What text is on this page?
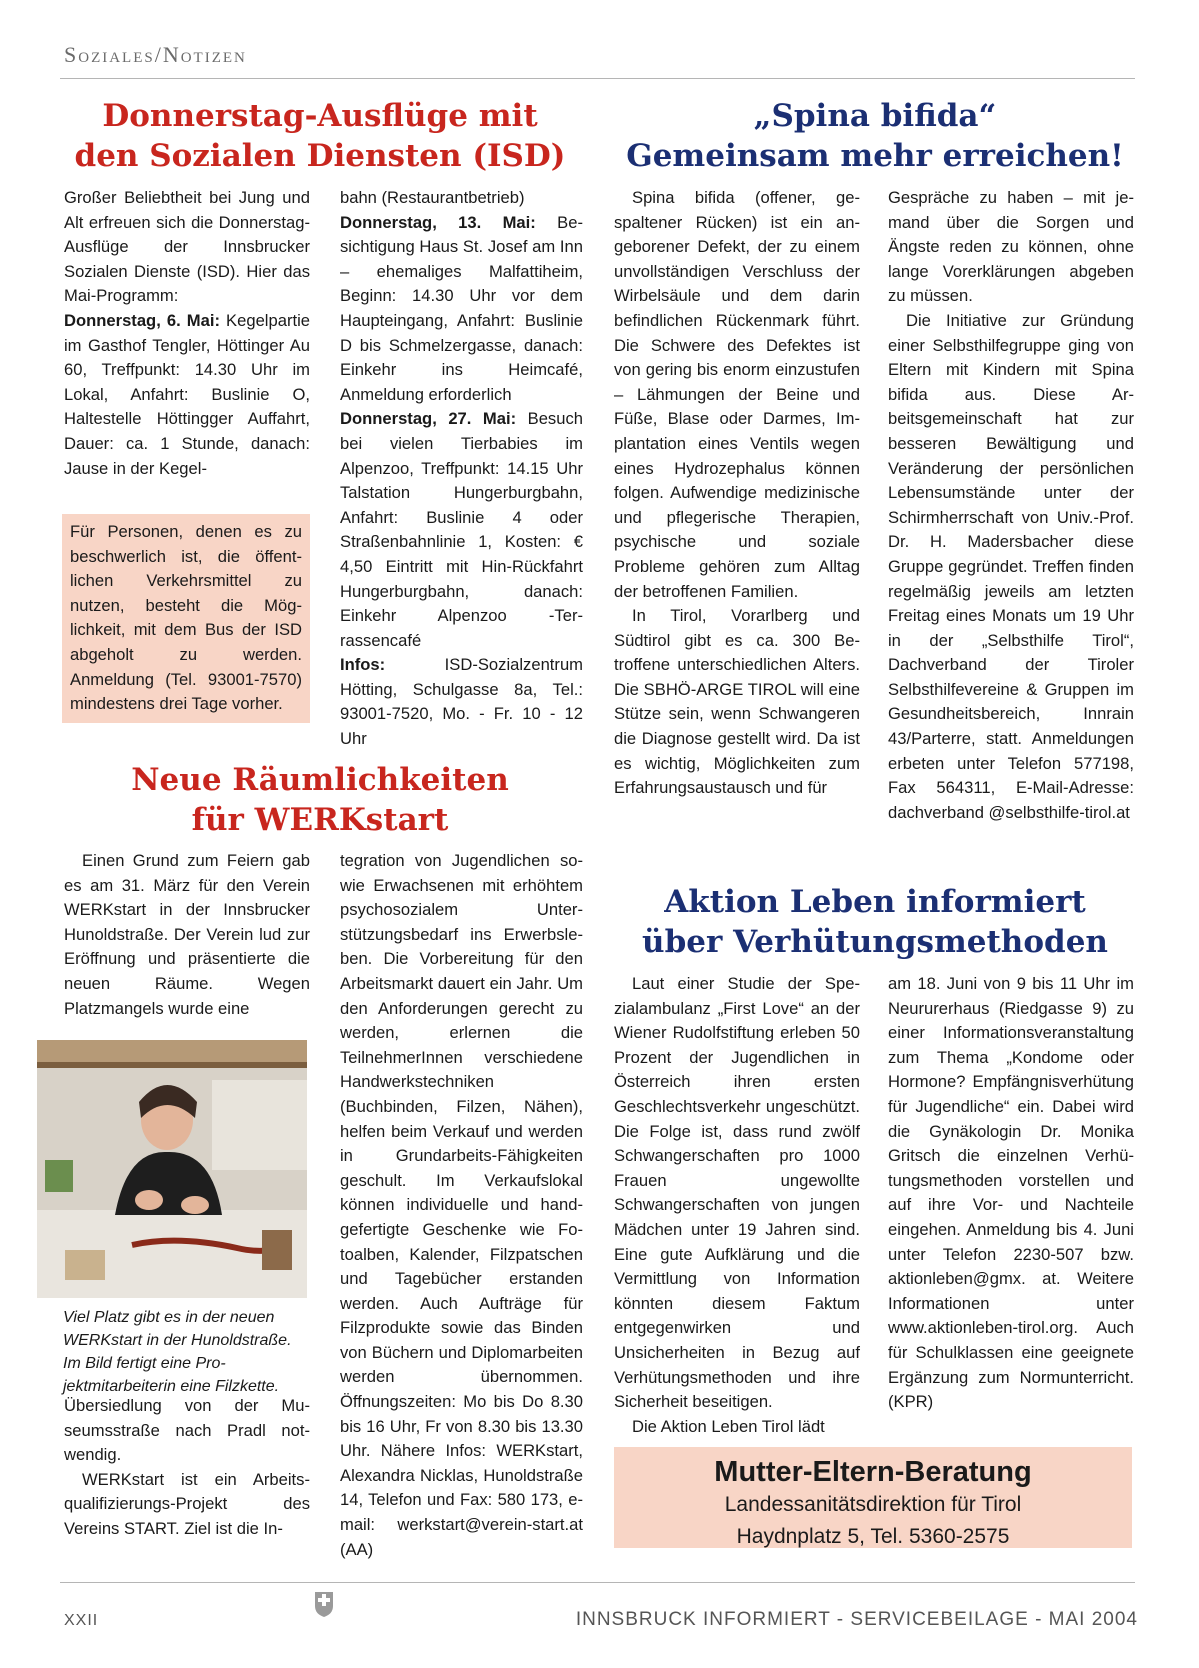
Soziales/Notizen
Donnerstag-Ausflüge mit
den Sozialen Diensten (ISD)

Großer Beliebtheit bei Jung und Alt erfreuen sich die Donnerstag-Ausflüge der Innsbrucker Sozialen Dienste (ISD). Hier das Mai-Programm:

Donnerstag, 6. Mai: Kegelpartie im Gasthof Tengler, Höttinger Au 60, Treffpunkt: 14.30 Uhr im Lokal, Anfahrt: Buslinie O, Haltestelle Höttingger Auffahrt, Dauer: ca. 1 Stunde, danach: Jause in der Kegel-

Für Personen, denen es zu beschwerlich ist, die öffentlichen Verkehrsmittel zu nutzen, besteht die Möglichkeit, mit dem Bus der ISD abgeholt zu werden. Anmeldung (Tel. 93001-7570) mindestens drei Tage vorher.

bahn (Restaurantbetrieb)

Donnerstag, 13. Mai: Besichtigung Haus St. Josef am Inn – ehemaliges Malfattiheim, Beginn: 14.30 Uhr vor dem Haupteingang, Anfahrt: Buslinie D bis Schmelzergasse, danach: Einkehr ins Heimcafé, Anmeldung erforderlich

Donnerstag, 27. Mai: Besuch bei vielen Tierbabies im Alpenzoo, Treffpunkt: 14.15 Uhr Talstation Hungerburgbahn, Anfahrt: Buslinie 4 oder Straßenbahnlinie 1, Kosten: € 4,50 Eintritt mit Hin-Rückfahrt Hungerburgbahn, danach: Einkehr Alpenzoo -Terrassencafé

Infos: ISD-Sozialzentrum Hötting, Schulgasse 8a, Tel.: 93001-7520, Mo. - Fr. 10 - 12 Uhr

Neue Räumlichkeiten
für WERKstart

Einen Grund zum Feiern gab es am 31. März für den Verein WERKstart in der Innsbrucker Hunoldstraße. Der Verein lud zur Eröffnung und präsentierte die neuen Räume. Wegen Platzmangels wurde eine

Viel Platz gibt es in der neuen WERKstart in der Hunoldstraße. Im Bild fertigt eine Projektmitarbeiterin eine Filzkette.

Übersiedlung von der Museumsstraße nach Pradl notwendig.

WERKstart ist ein Arbeitsqualifizierungs-Projekt des Vereins START. Ziel ist die In-

tegration von Jugendlichen sowie Erwachsenen mit erhöhtem psychosozialem Unterstützungsbedarf ins Erwerbsleben. Die Vorbereitung für den Arbeitsmarkt dauert ein Jahr. Um den Anforderungen gerecht zu werden, erlernen die TeilnehmerInnen verschiedene Handwerkstechniken (Buchbinden, Filzen, Nähen), helfen beim Verkauf und werden in Grundarbeits-Fähigkeiten geschult. Im Verkaufslokal können individuelle und handgefertigte Geschenke wie Fotoalben, Kalender, Filzpatschen und Tagebücher erstanden werden. Auch Aufträge für Filzprodukte sowie das Binden von Büchern und Diplomarbeiten werden übernommen. Öffnungszeiten: Mo bis Do 8.30 bis 16 Uhr, Fr von 8.30 bis 13.30 Uhr. Nähere Infos: WERKstart, Alexandra Nicklas, Hunoldstraße 14, Telefon und Fax: 580 173, e-mail: werkstart@verein-start.at (AA)

„Spina bifida“
Gemeinsam mehr erreichen!

Spina bifida (offener, gespaltener Rücken) ist ein angeborener Defekt, der zu einem unvollständigen Verschluss der Wirbelsäule und dem darin befindlichen Rückenmark führt. Die Schwere des Defektes ist von gering bis enorm einzustufen – Lähmungen der Beine und Füße, Blase oder Darmes, Implantation eines Ventils wegen eines Hydrozephalus können folgen. Aufwendige medizinische und pflegerische Therapien, psychische und soziale Probleme gehören zum Alltag der betroffenen Familien.

In Tirol, Vorarlberg und Südtirol gibt es ca. 300 Betroffene unterschiedlichen Alters. Die SBHÖ-ARGE TIROL will eine Stütze sein, wenn Schwangeren die Diagnose gestellt wird. Da ist es wichtig, Möglichkeiten zum Erfahrungsaustausch und für

Gespräche zu haben – mit jemand über die Sorgen und Ängste reden zu können, ohne lange Vorerklärungen abgeben zu müssen.

Die Initiative zur Gründung einer Selbsthilfegruppe ging von Eltern mit Kindern mit Spina bifida aus. Diese Arbeitsgemeinschaft hat zur besseren Bewältigung und Veränderung der persönlichen Lebensumstände unter der Schirmherrschaft von Univ.-Prof. Dr. H. Madersbacher diese Gruppe gegründet. Treffen finden regelmäßig jeweils am letzten Freitag eines Monats um 19 Uhr in der „Selbsthilfe Tirol“, Dachverband der Tiroler Selbsthilfevereine & Gruppen im Gesundheitsbereich, Innrain 43/Parterre, statt. Anmeldungen erbeten unter Telefon 577198, Fax 564311, E-Mail-Adresse: dachverband @selbsthilfe-tirol.at

Aktion Leben informiert
über Verhütungsmethoden

Laut einer Studie der Spezialambulanz „First Love“ an der Wiener Rudolfstiftung erleben 50 Prozent der Jugendlichen in Österreich ihren ersten Geschlechtsverkehr ungeschützt. Die Folge ist, dass rund zwölf Schwangerschaften pro 1000 Frauen ungewollte Schwangerschaften von jungen Mädchen unter 19 Jahren sind. Eine gute Aufklärung und die Vermittlung von Information könnten diesem Faktum entgegenwirken und Unsicherheiten in Bezug auf Verhütungsmethoden und ihre Sicherheit beseitigen.

Die Aktion Leben Tirol lädt

am 18. Juni von 9 bis 11 Uhr im Neururerhaus (Riedgasse 9) zu einer Informationsveranstaltung zum Thema „Kondome oder Hormone? Empfängnisverhütung für Jugendliche“ ein. Dabei wird die Gynäkologin Dr. Monika Gritsch die einzelnen Verhütungsmethoden vorstellen und auf ihre Vor- und Nachteile eingehen. Anmeldung bis 4. Juni unter Telefon 2230-507 bzw. aktionleben@gmx. at. Weitere Informationen unter www.aktionleben-tirol.org. Auch für Schulklassen eine geeignete Ergänzung zum Normunterricht. (KPR)

Mutter-Eltern-Beratung
Landessanitätsdirektion für Tirol
Haydnplatz 5, Tel. 5360-2575
XXII	INNSBRUCK INFORMIERT - SERVICEBEILAGE - MAI 2004
